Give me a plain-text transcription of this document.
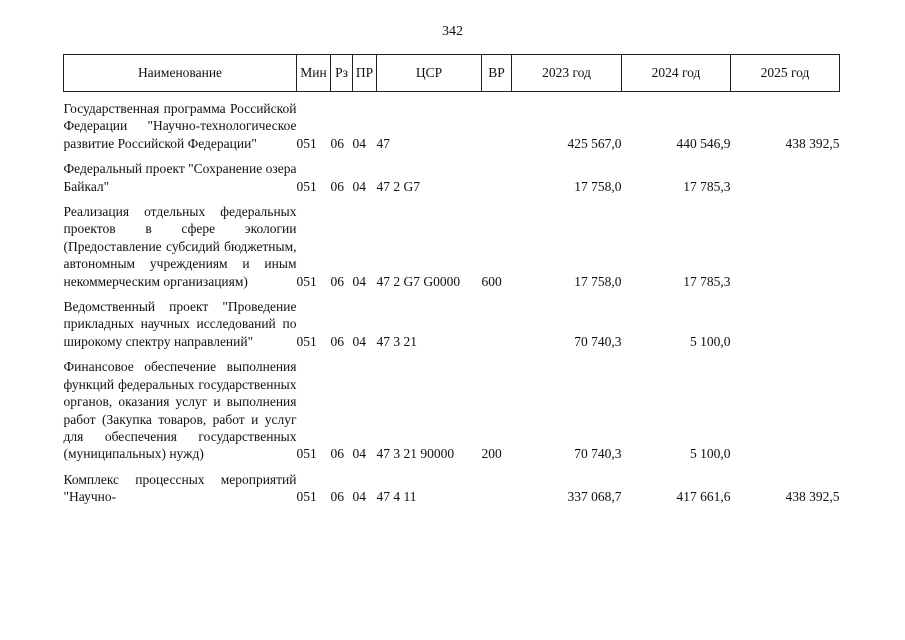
342
Наименование	Мин	Рз	ПР	ЦСР	ВР	2023 год	2024 год	2025 год

Государственная программа Российской Федерации "Научно-технологическое развитие Российской Федерации"	051	06	04	47		425 567,0	440 546,9	438 392,5

Федеральный проект "Сохранение озера Байкал"	051	06	04	47 2 G7		17 758,0	17 785,3	

Реализация отдельных федеральных проектов в сфере экологии (Предоставление субсидий бюджетным, автономным учреждениям и иным некоммерческим организациям)	051	06	04	47 2 G7 G0000	600	17 758,0	17 785,3	

Ведомственный проект "Проведение прикладных научных исследований по широкому спектру направлений"	051	06	04	47 3 21		70 740,3	5 100,0	

Финансовое обеспечение выполнения функций федеральных государственных органов, оказания услуг и выполнения работ (Закупка товаров, работ и услуг для обеспечения государственных (муниципальных) нужд)	051	06	04	47 3 21 90000	200	70 740,3	5 100,0	

Комплекс процессных мероприятий "Научно-	051	06	04	47 4 11		337 068,7	417 661,6	438 392,5
